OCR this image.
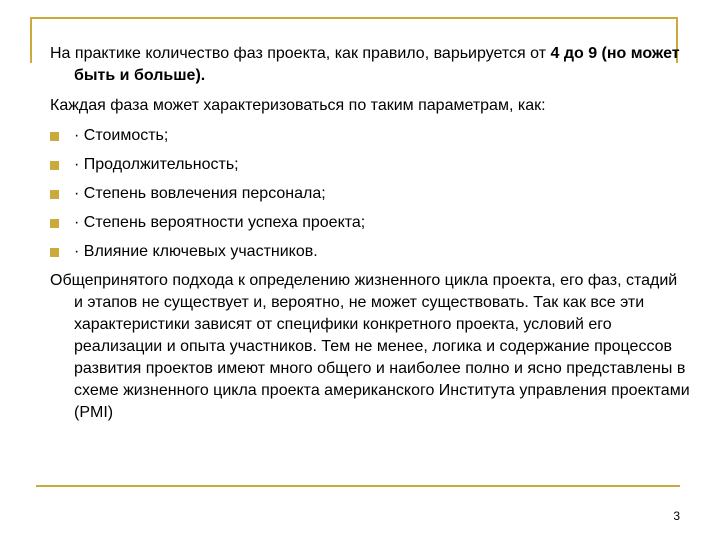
На практике количество фаз проекта, как правило, варьируется от 4 до 9 (но может быть и больше).

Каждая фаза может характеризоваться по таким параметрам, как:

· Стоимость;
· Продолжительность;
· Степень вовлечения персонала;
· Степень вероятности успеха проекта;
· Влияние ключевых участников.

Общепринятого подхода к определению жизненного цикла проекта, его фаз, стадий и этапов не существует и, вероятно, не может существовать. Так как все эти характеристики зависят от специфики конкретного проекта, условий его реализации и опыта участников. Тем не менее, логика и содержание процессов развития проектов имеют много общего и наиболее полно и ясно представлены в схеме жизненного цикла проекта американского Института управления проектами (PMI)

3
